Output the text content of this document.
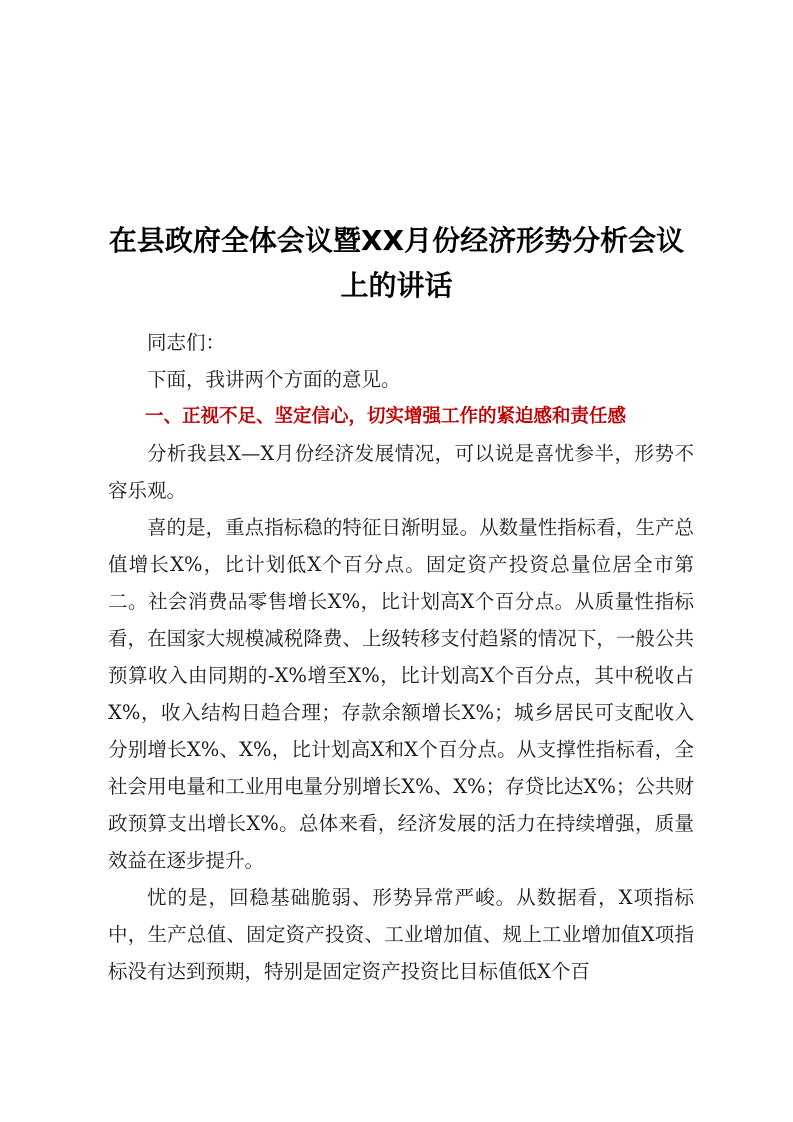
在县政府全体会议暨XX月份经济形势分析会议上的讲话

同志们：

下面，我讲两个方面的意见。

一、正视不足、坚定信心，切实增强工作的紧迫感和责任感

分析我县X—X月份经济发展情况，可以说是喜忧参半，形势不容乐观。

喜的是，重点指标稳的特征日渐明显。从数量性指标看，生产总值增长X%，比计划低X个百分点。固定资产投资总量位居全市第二。社会消费品零售增长X%，比计划高X个百分点。从质量性指标看，在国家大规模减税降费、上级转移支付趋紧的情况下，一般公共预算收入由同期的-X%增至X%，比计划高X个百分点，其中税收占X%，收入结构日趋合理；存款余额增长X%；城乡居民可支配收入分别增长X%、X%，比计划高X和X个百分点。从支撑性指标看，全社会用电量和工业用电量分别增长X%、X%；存贷比达X%；公共财政预算支出增长X%。总体来看，经济发展的活力在持续增强，质量效益在逐步提升。

忧的是，回稳基础脆弱、形势异常严峻。从数据看，X项指标中，生产总值、固定资产投资、工业增加值、规上工业增加值X项指标没有达到预期，特别是固定资产投资比目标值低X个百
